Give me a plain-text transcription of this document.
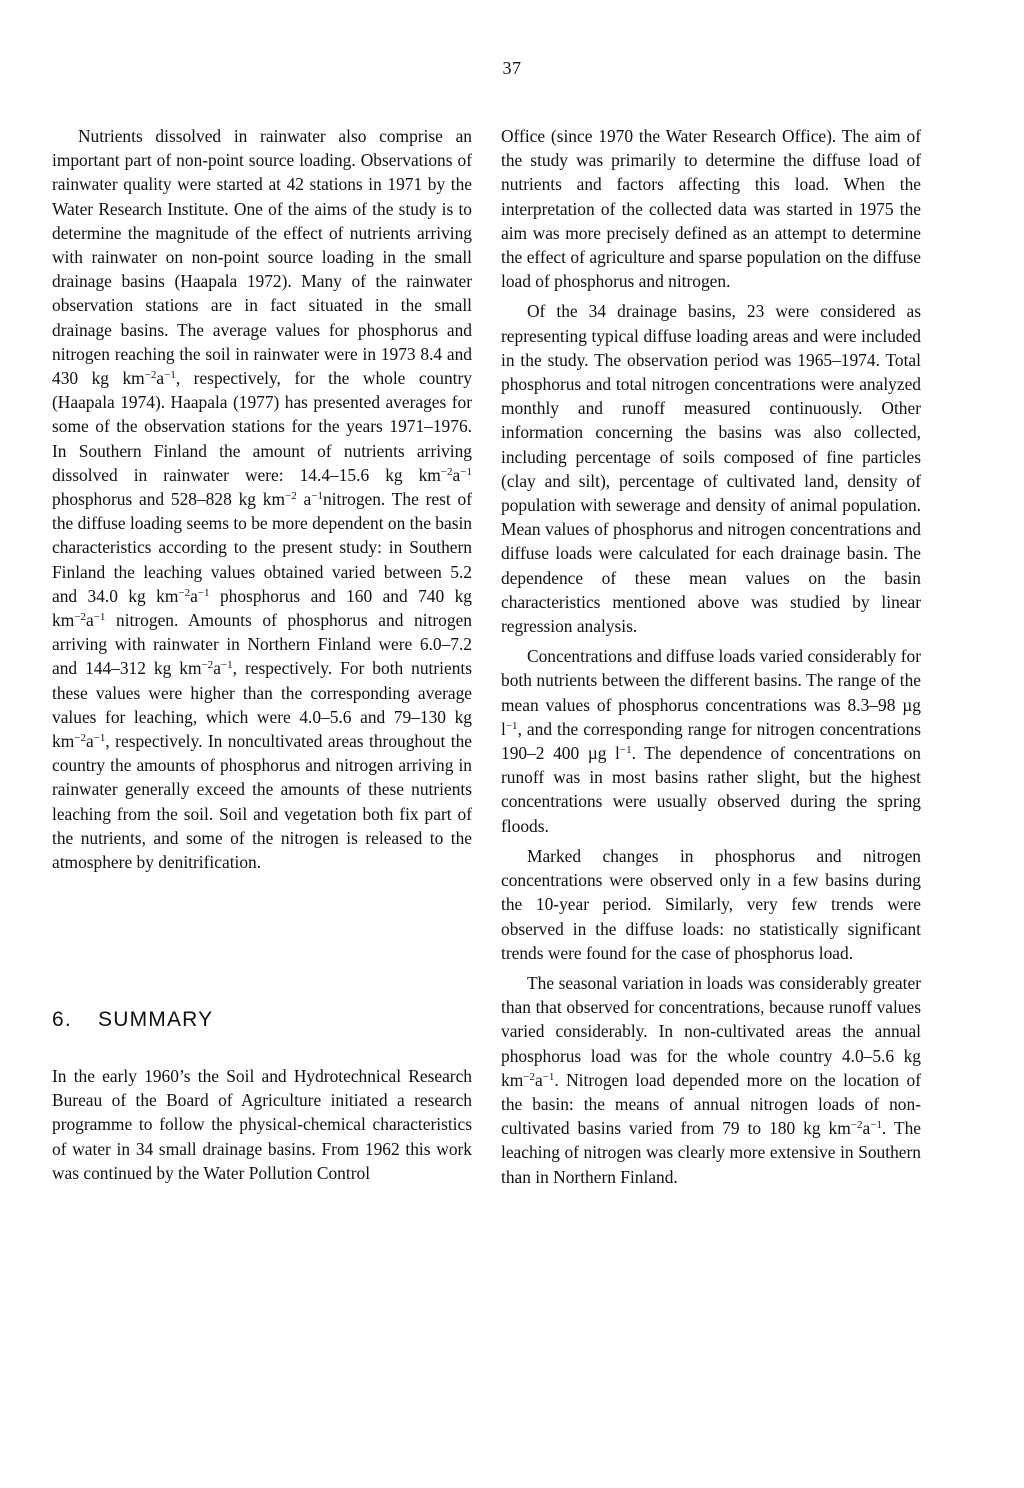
37

Nutrients dissolved in rainwater also comprise an important part of non-point source loading. Observations of rainwater quality were started at 42 stations in 1971 by the Water Research Institute. One of the aims of the study is to determine the magnitude of the effect of nutrients arriving with rainwater on non-point source loading in the small drainage basins (Haapala 1972). Many of the rainwater observation stations are in fact situated in the small drainage basins. The average values for phosphorus and nitrogen reaching the soil in rainwater were in 1973 8.4 and 430 kg $km^{-2}a^{-1}$, respectively, for the whole country (Haapala 1974). Haapala (1977) has presented averages for some of the observation stations for the years 1971–1976. In Southern Finland the amount of nutrients arriving dissolved in rainwater were: 14.4–15.6 kg $km^{-2}a^{-1}$ phosphorus and 528–828 kg $km^{-2}$ $a^{-1}nitrogen$. The rest of the diffuse loading seems to be more dependent on the basin characteristics according to the present study: in Southern Finland the leaching values obtained varied between 5.2 and 34.0 kg $km^{-2}a^{-1}$ phosphorus and 160 and 740 kg $km^{-2}a^{-1}$ nitrogen. Amounts of phosphorus and nitrogen arriving with rainwater in Northern Finland were 6.0–7.2 and 144–312 kg $km^{-2}a^{-1}$, respectively. For both nutrients these values were higher than the corresponding average values for leaching, which were 4.0–5.6 and 79–130 kg $km^{-2}a^{-1}$, respectively. In noncultivated areas throughout the country the amounts of phosphorus and nitrogen arriving in rainwater generally exceed the amounts of these nutrients leaching from the soil. Soil and vegetation both fix part of the nutrients, and some of the nitrogen is released to the atmosphere by denitrification.

6. SUMMARY

In the early 1960’s the Soil and Hydrotechnical Research Bureau of the Board of Agriculture initiated a research programme to follow the physical-chemical characteristics of water in 34 small drainage basins. From 1962 this work was continued by the Water Pollution Control

Office (since 1970 the Water Research Office). The aim of the study was primarily to determine the diffuse load of nutrients and factors affecting this load. When the interpretation of the collected data was started in 1975 the aim was more precisely defined as an attempt to determine the effect of agriculture and sparse population on the diffuse load of phosphorus and nitrogen.

Of the 34 drainage basins, 23 were considered as representing typical diffuse loading areas and were included in the study. The observation period was 1965–1974. Total phosphorus and total nitrogen concentrations were analyzed monthly and runoff measured continuously. Other information concerning the basins was also collected, including percentage of soils composed of fine particles (clay and silt), percentage of cultivated land, density of population with sewerage and density of animal population. Mean values of phosphorus and nitrogen concentrations and diffuse loads were calculated for each drainage basin. The dependence of these mean values on the basin characteristics mentioned above was studied by linear regression analysis.

Concentrations and diffuse loads varied considerably for both nutrients between the different basins. The range of the mean values of phosphorus concentrations was 8.3–98 µg $l^{-1}$, and the corresponding range for nitrogen concentrations 190–2 400 µg $l^{-1}$. The dependence of concentrations on runoff was in most basins rather slight, but the highest concentrations were usually observed during the spring floods.

Marked changes in phosphorus and nitrogen concentrations were observed only in a few basins during the 10-year period. Similarly, very few trends were observed in the diffuse loads: no statistically significant trends were found for the case of phosphorus load.

The seasonal variation in loads was considerably greater than that observed for concentrations, because runoff values varied considerably. In non-cultivated areas the annual phosphorus load was for the whole country 4.0–5.6 kg $km^{-2}a^{-1}$. Nitrogen load depended more on the location of the basin: the means of annual nitrogen loads of non-cultivated basins varied from 79 to 180 kg $km^{-2}a^{-1}$. The leaching of nitrogen was clearly more extensive in Southern than in Northern Finland.
